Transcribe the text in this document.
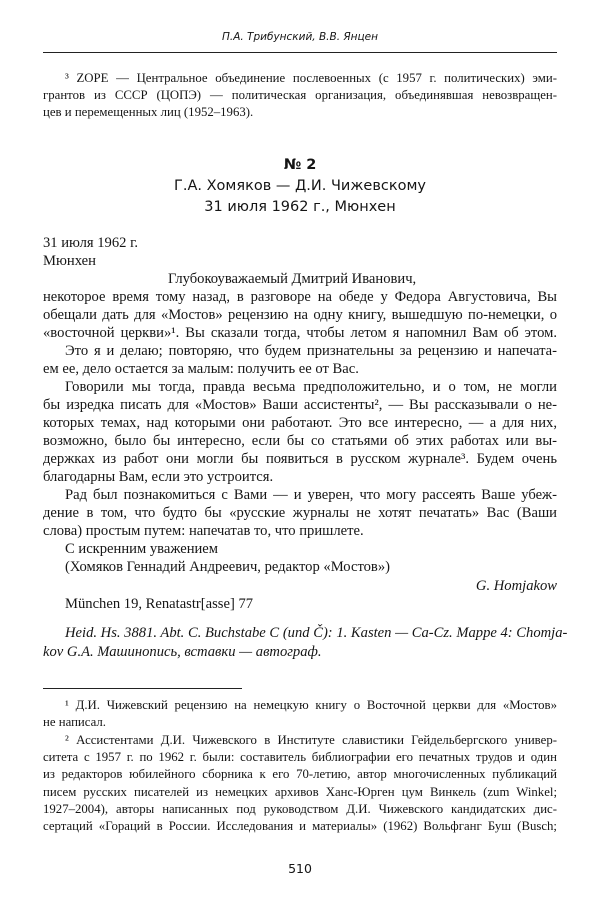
П.А. Трибунский, В.В. Янцен
№ 2
Г.А. Хомяков — Д.И. Чижевскому
31 июля 1962 г., Мюнхен
510
³ ZOPE — Центральное объединение послевоенных (с 1957 г. политических) эми-
грантов из СССР (ЦОПЭ) — политическая организация, объединявшая невозвращен-
цев и перемещенных лиц (1952–1963).
31 июля 1962 г.
Мюнхен
Глубокоуважаемый Дмитрий Иванович,
некоторое время тому назад, в разговоре на обеде у Федора Августовича, Вы
обещали дать для «Мостов» рецензию на одну книгу, вышедшую по-немецки, о
«восточной церкви»¹. Вы сказали тогда, чтобы летом я напомнил Вам об этом.
Это я и делаю; повторяю, что будем признательны за рецензию и напечата-
ем ее, дело остается за малым: получить ее от Вас.
Говорили мы тогда, правда весьма предположительно, и о том, не могли
бы изредка писать для «Мостов» Ваши ассистенты², — Вы рассказывали о не-
которых темах, над которыми они работают. Это все интересно, — а для них,
возможно, было бы интересно, если бы со статьями об этих работах или вы-
держках из работ они могли бы появиться в русском журнале³. Будем очень
благодарны Вам, если это устроится.
Рад был познакомиться с Вами — и уверен, что могу рассеять Ваше убеж-
дение в том, что будто бы «русские журналы не хотят печатать» Вас (Ваши
слова) простым путем: напечатав то, что пришлете.
С искренним уважением
(Хомяков Геннадий Андреевич, редактор «Мостов»)
G. Homjakow
München 19, Renatastr[asse] 77
Heid. Hs. 3881. Abt. C. Buchstabe C (und Č): 1. Kasten — Ca-Cz. Mappe 4: Chomja-
kov G.A. Машинопись, вставки — автограф.
¹ Д.И. Чижевский рецензию на немецкую книгу о Восточной церкви для «Мостов»
не написал.
² Ассистентами Д.И. Чижевского в Институте славистики Гейдельбергского универ-
ситета с 1957 г. по 1962 г. были: составитель библиографии его печатных трудов и один
из редакторов юбилейного сборника к его 70-летию, автор многочисленных публикаций
писем русских писателей из немецких архивов Ханс-Юрген цум Винкель (zum Winkel;
1927–2004), авторы написанных под руководством Д.И. Чижевского кандидатских дис-
сертаций «Гораций в России. Исследования и материалы» (1962) Вольфганг Буш (Busch;
